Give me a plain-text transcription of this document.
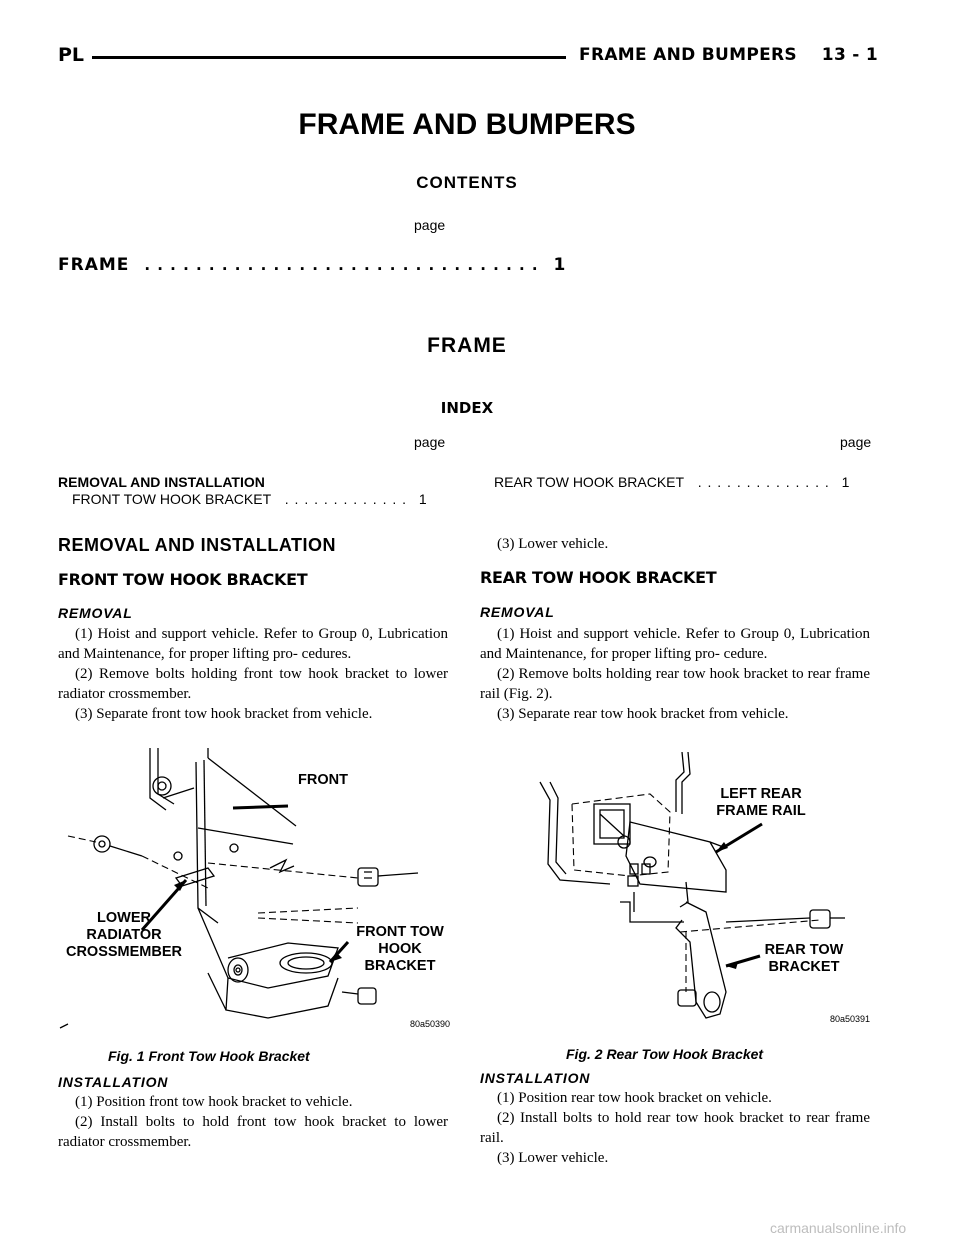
PL	FRAME AND BUMPERS    13 - 1
FRAME AND BUMPERS
CONTENTS
page
FRAME . . . . . . . . . . . . . . . . . . . . . . . . . . . . . . . 1
FRAME
INDEX
page	page
REMOVAL AND INSTALLATION
FRONT TOW HOOK BRACKET . . . . . . . . . . . . . 1
REAR TOW HOOK BRACKET . . . . . . . . . . . . . . 1
REMOVAL AND INSTALLATION
FRONT TOW HOOK BRACKET
REMOVAL

(1) Hoist and support vehicle. Refer to Group 0, Lubrication and Maintenance, for proper lifting pro- cedures.

(2) Remove bolts holding front tow hook bracket to lower radiator crossmember.

(3) Separate front tow hook bracket from vehicle.

FRONT
LOWER
RADIATOR
CROSSMEMBER
FRONT TOW
HOOK
BRACKET
80a50390
Fig. 1 Front Tow Hook Bracket
INSTALLATION

(1) Position front tow hook bracket to vehicle.

(2) Install bolts to hold front tow hook bracket to lower radiator crossmember.

(3) Lower vehicle.

REAR TOW HOOK BRACKET
REMOVAL

(1) Hoist and support vehicle. Refer to Group 0, Lubrication and Maintenance, for proper lifting pro- cedure.

(2) Remove bolts holding rear tow hook bracket to rear frame rail (Fig. 2).

(3) Separate rear tow hook bracket from vehicle.

LEFT REAR
FRAME RAIL
REAR TOW
BRACKET
80a50391
Fig. 2 Rear Tow Hook Bracket
INSTALLATION

(1) Position rear tow hook bracket on vehicle.

(2) Install bolts to hold rear tow hook bracket to rear frame rail.

(3) Lower vehicle.

carmanualsonline.info
